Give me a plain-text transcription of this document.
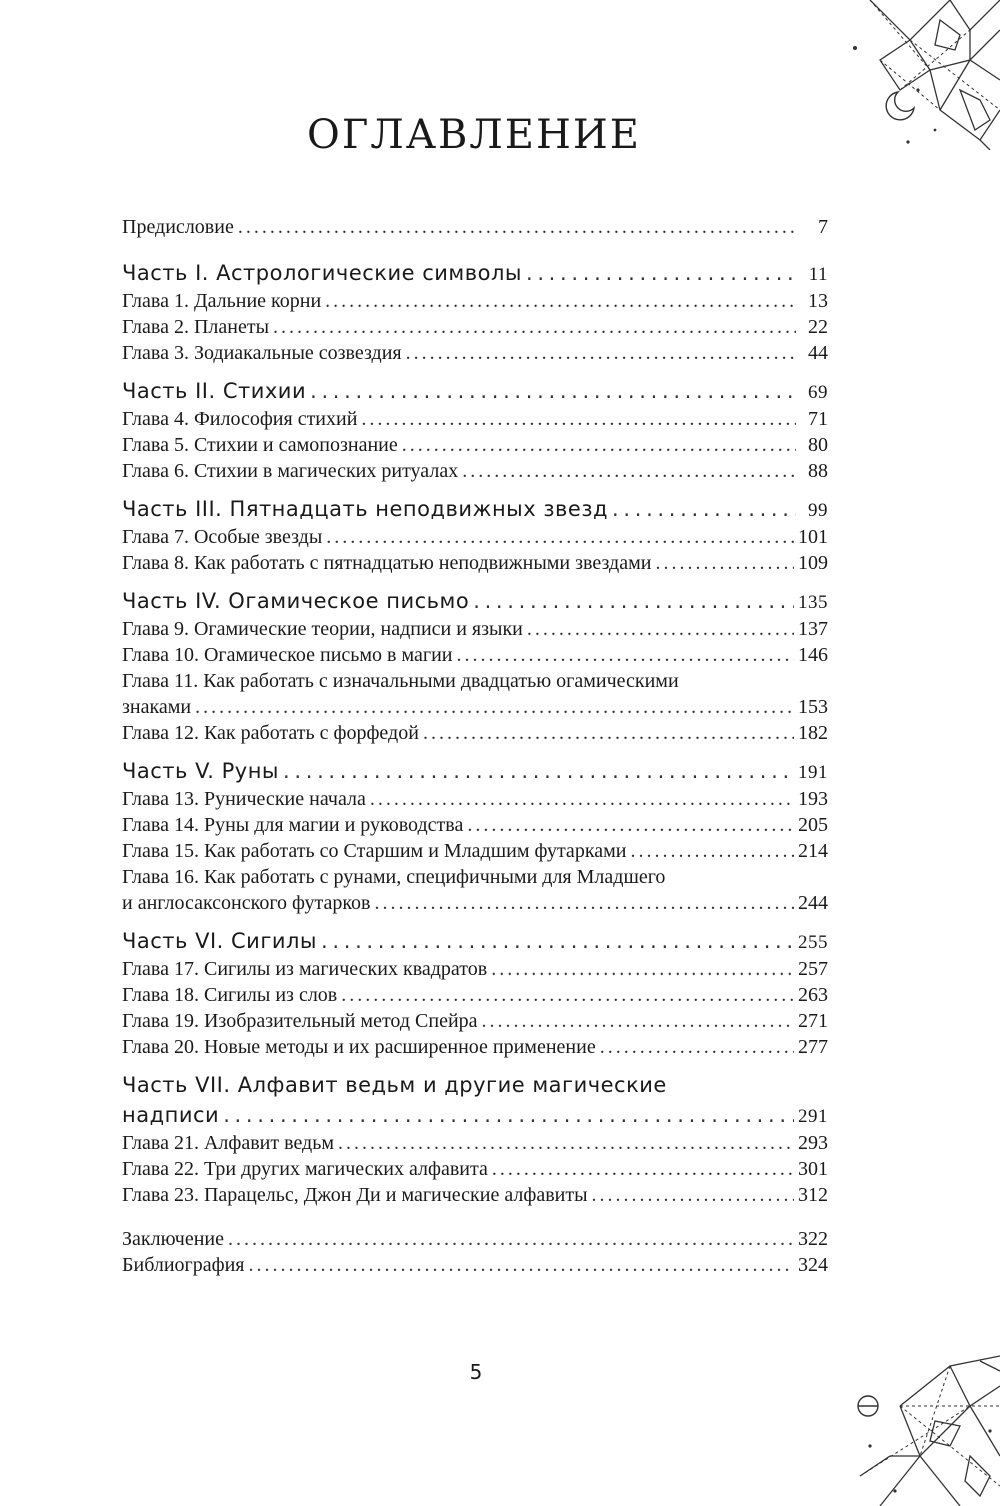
ОГЛАВЛЕНИЕ
Предисловие . . .	7
Часть I. Астрологические символы . . .	11
Глава 1. Дальние корни . . .	13
Глава 2. Планеты . . .	22
Глава 3. Зодиакальные созвездия . . .	44
Часть II. Стихии . . .	69
Глава 4. Философия стихий . . .	71
Глава 5. Стихии и самопознание . . .	80
Глава 6. Стихии в магических ритуалах . . .	88
Часть III. Пятнадцать неподвижных звезд . . .	99
Глава 7. Особые звезды . . .	101
Глава 8. Как работать с пятнадцатью неподвижными звездами . . .	109
Часть IV. Огамическое письмо . . .	135
Глава 9. Огамические теории, надписи и языки . . .	137
Глава 10. Огамическое письмо в магии . . .	146
Глава 11. Как работать с изначальными двадцатью огамическими
знаками . . .	153
Глава 12. Как работать с форфедой . . .	182
Часть V. Руны . . .	191
Глава 13. Рунические начала . . .	193
Глава 14. Руны для магии и руководства . . .	205
Глава 15. Как работать со Старшим и Младшим футарками . . .	214
Глава 16. Как работать с рунами, специфичными для Младшего
и англосаксонского футарков . . .	244
Часть VI. Сигилы . . .	255
Глава 17. Сигилы из магических квадратов . . .	257
Глава 18. Сигилы из слов . . .	263
Глава 19. Изобразительный метод Спейра . . .	271
Глава 20. Новые методы и их расширенное применение . . .	277
Часть VII. Алфавит ведьм и другие магические
надписи . . .	291
Глава 21. Алфавит ведьм . . .	293
Глава 22. Три других магических алфавита . . .	301
Глава 23. Парацельс, Джон Ди и магические алфавиты . . .	312
Заключение . . .	322
Библиография . . .	324
5
